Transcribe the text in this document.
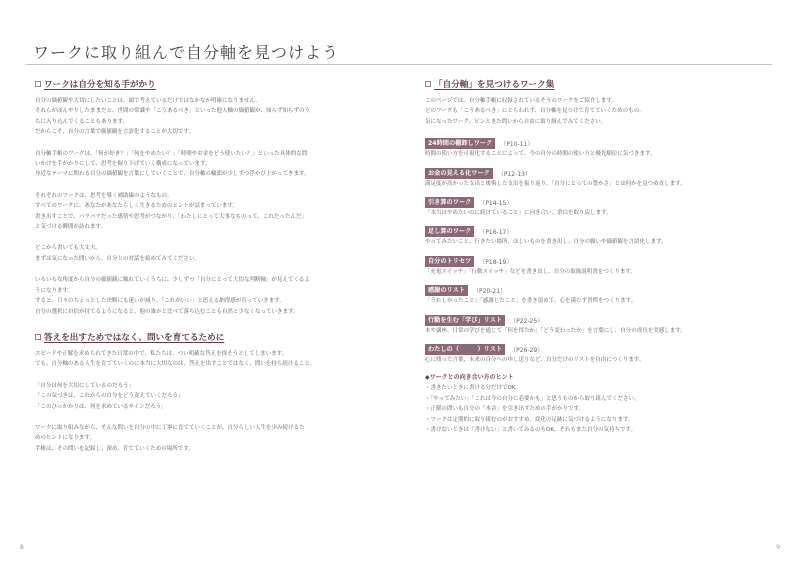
ワークに取り組んで自分軸を見つけよう
ワークは自分を知る手がかり
自分の価値観や大切にしたいことは、頭で考えているだけではなかなか明確になりません。
それらがぼんやりしたままだと、世間の常識や「こうあるべき」といった他人軸の価値観が、知らず知らずのう
ちに入り込んでくることもあります。
だからこそ、自分の言葉で価値観を言語化することが大切です。
自分軸手帳のワークは、「何が好き？」「何をやめたい？」「時間やお金をどう使いたい？」といった具体的な問
いかけを手がかりにして、思考を掘り下げていく構成になっています。
身近なテーマに関わる自分の価値観を言葉にしていくことで、自分軸の輪郭が少しずつ浮かび上がってきます。
それぞれのワークは、思考を導く補助線のようなもの。
すべてのワークに、あなたがあなたらしく生きるためのヒントが詰まっています。
書き出すことで、バラバラだった感情や思考がつながり、「わたしにとって大事なものって、これだったんだ」
と気づける瞬間が訪れます。
どこから書いても大丈夫。
まずは気になった問いから、自分との対話を始めてみてください。
いろいろな角度から自分の価値観に触れていくうちに、少しずつ「自分にとって大切な判断軸」が見えてくるよ
うになります。
すると、日々のちょっとした決断にも迷いが減り、「これがいい」と思える納得感が育っていきます。
自分の選択に自信が持てるようになると、他の誰かと比べて落ち込むことも自然と少なくなっていきます。
答えを出すためではなく、問いを育てるために
スピードや正解を求められてきた日常の中で、私たちは、つい明確な答えを探そうとしてしまいます。
でも、自分軸のある人生を育てていくのに本当に大切なのは、答えを出すことではなく、問いを持ち続けること。
「自分は何を大切にしているのだろう」
「この気づきは、これからの自分をどう変えていくだろう」
「このひっかかりは、何を求めているサインだろう」
ワークに取り組みながら、そんな問いを自分の中に丁寧に育てていくことが、自分らしい人生を歩み続けるた
めのヒントになります。
手帳は、その問いを記録し、深め、育てていくための場所です。
「自分軸」を見つけるワーク集
このページでは、自分軸手帳に収録されているそうのワークをご紹介します。
どのワークも「こうあるべき」にとらわれず、自分軸を見つけて育てていくためのもの。
気になったワーク、ピンときた問いから自由に取り組んでみてください。
24時間の棚卸しワーク	（P10-11）
時間の使い方を可視化することによって、今の自分の時間の使い方と優先順位に気づきます。
お金の見える化ワーク	（P12-13）
満足度が高かった支出と後悔した支出を振り返り、「自分にとっての豊かさ」とは何かを見つめ直します。
引き算のワーク	（P14-15）
「本当はやめたいのに続けていること」に向き合い、余白を取り戻します。
足し算のワーク	（P16-17）
やってみたいこと、行きたい場所、ほしいものを書き出し、自分の願いや価値観を言語化します。
自分のトリセツ	（P18-19）
「充電スイッチ」「行動スイッチ」などを書き出し、自分の取扱説明書をつくります。
感謝のリスト	（P20-21）
「うれしかったこと」「感謝したこと」を書き留めて、心を満たす習慣をつくります。
行動を生む「学び」リスト	（P22-25）
本や講座、日常の学びを通じて「何を得たか」「どう変わったか」を言葉にし、自分の成長を実感します。
わたしの（　　　）リスト	（P26-29）
心に残った言葉、未来の自分への申し送りなど、自分だけのリストを自由につくります。
◆ワークとの向き合い方のヒント
・書きたいときに書ける分だけでOK。
・「やってみたい」「これは今の自分に必要かも」と思うものから取り組んでください。
・正解の問いも自分の「本音」を引き出すための手がかりです。
・ワークは定期的に取り組むのがおすすめ。変化の足跡に気づけるようになります。
・書けないときは「書けない」と書いてみるのもOK。それもまた自分の気持ちです。
8	9
